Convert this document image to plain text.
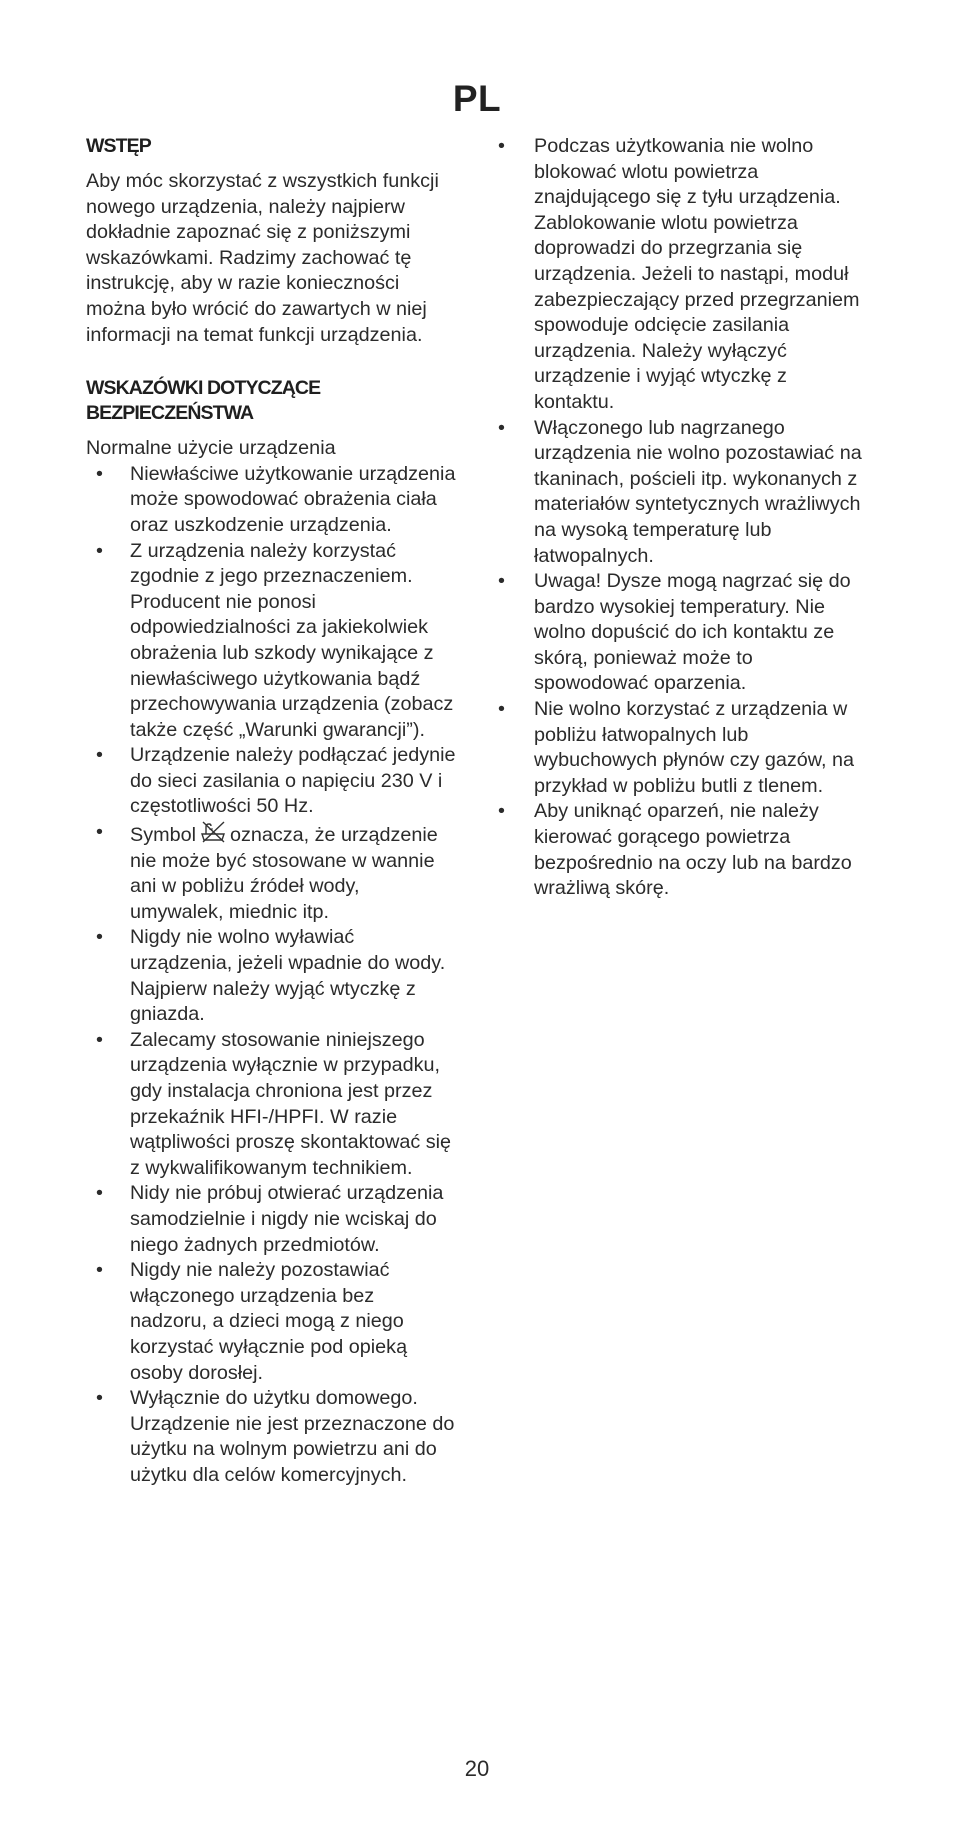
PL
WSTĘP

Aby móc skorzystać z wszystkich funkcji nowego urządzenia, należy najpierw dokładnie zapoznać się z poniższymi wskazówkami. Radzimy zachować tę instrukcję, aby w razie konieczności można było wrócić do zawartych w niej informacji na temat funkcji urządzenia.

WSKAZÓWKI DOTYCZĄCE BEZPIECZEŃSTWA

Normalne użycie urządzenia

• Niewłaściwe użytkowanie urządzenia może spowodować obrażenia ciała oraz uszkodzenie urządzenia.
• Z urządzenia należy korzystać zgodnie z jego przeznaczeniem. Producent nie ponosi odpowiedzialności za jakiekolwiek obrażenia lub szkody wynikające z niewłaściwego użytkowania bądź przechowywania urządzenia (zobacz także część „Warunki gwarancji”).
• Urządzenie należy podłączać jedynie do sieci zasilania o napięciu 230 V i częstotliwości 50 Hz.
• Symbol oznacza, że urządzenie nie może być stosowane w wannie ani w pobliżu źródeł wody, umywalek, miednic itp.
• Nigdy nie wolno wyławiać urządzenia, jeżeli wpadnie do wody. Najpierw należy wyjąć wtyczkę z gniazda.
• Zalecamy stosowanie niniejszego urządzenia wyłącznie w przypadku, gdy instalacja chroniona jest przez przekaźnik HFI-/HPFI. W razie wątpliwości proszę skontaktować się z wykwalifikowanym technikiem.
• Nidy nie próbuj otwierać urządzenia samodzielnie i nigdy nie wciskaj do niego żadnych przedmiotów.
• Nigdy nie należy pozostawiać włączonego urządzenia bez nadzoru, a dzieci mogą z niego korzystać wyłącznie pod opieką osoby dorosłej.
• Wyłącznie do użytku domowego. Urządzenie nie jest przeznaczone do użytku na wolnym powietrzu ani do użytku dla celów komercyjnych.
• Podczas użytkowania nie wolno blokować wlotu powietrza znajdującego się z tyłu urządzenia. Zablokowanie wlotu powietrza doprowadzi do przegrzania się urządzenia. Jeżeli to nastąpi, moduł zabezpieczający przed przegrzaniem spowoduje odcięcie zasilania urządzenia. Należy wyłączyć urządzenie i wyjąć wtyczkę z kontaktu.
• Włączonego lub nagrzanego urządzenia nie wolno pozostawiać na tkaninach, pościeli itp. wykonanych z materiałów syntetycznych wrażliwych na wysoką temperaturę lub łatwopalnych.
• Uwaga! Dysze mogą nagrzać się do bardzo wysokiej temperatury. Nie wolno dopuścić do ich kontaktu ze skórą, ponieważ może to spowodować oparzenia.
• Nie wolno korzystać z urządzenia w pobliżu łatwopalnych lub wybuchowych płynów czy gazów, na przykład w pobliżu butli z tlenem.
• Aby uniknąć oparzeń, nie należy kierować gorącego powietrza bezpośrednio na oczy lub na bardzo wrażliwą skórę.

20
